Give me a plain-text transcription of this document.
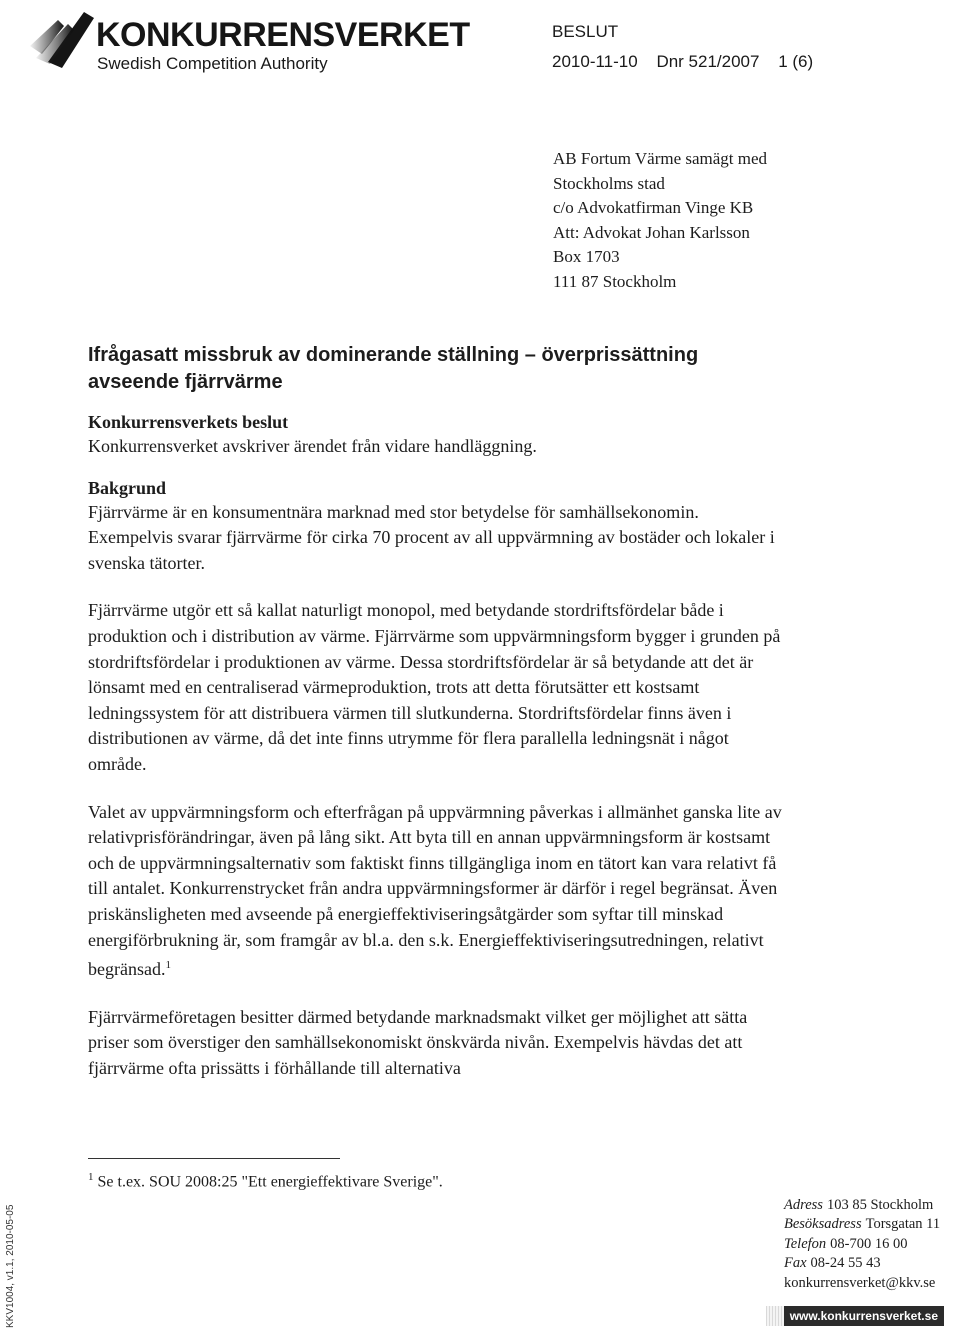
KONKURRENSVERKET
Swedish Competition Authority
BESLUT
2010-11-10 Dnr 521/2007 1 (6)
AB Fortum Värme samägt med
Stockholms stad
c/o Advokatfirman Vinge KB
Att: Advokat Johan Karlsson
Box 1703
111 87 Stockholm
Ifrågasatt missbruk av dominerande ställning – överprissättning avseende fjärrvärme
Konkurrensverkets beslut

Konkurrensverket avskriver ärendet från vidare handläggning.

Bakgrund

Fjärrvärme är en konsumentnära marknad med stor betydelse för samhällsekonomin. Exempelvis svarar fjärrvärme för cirka 70 procent av all uppvärmning av bostäder och lokaler i svenska tätorter.

Fjärrvärme utgör ett så kallat naturligt monopol, med betydande stordriftsfördelar både i produktion och i distribution av värme. Fjärrvärme som uppvärmningsform bygger i grunden på stordriftsfördelar i produktionen av värme. Dessa stordriftsfördelar är så betydande att det är lönsamt med en centraliserad värmeproduktion, trots att detta förutsätter ett kostsamt ledningssystem för att distribuera värmen till slutkunderna. Stordriftsfördelar finns även i distributionen av värme, då det inte finns utrymme för flera parallella ledningsnät i något område.

Valet av uppvärmningsform och efterfrågan på uppvärmning påverkas i allmänhet ganska lite av relativprisförändringar, även på lång sikt. Att byta till en annan uppvärmningsform är kostsamt och de uppvärmningsalternativ som faktiskt finns tillgängliga inom en tätort kan vara relativt få till antalet. Konkurrenstrycket från andra uppvärmningsformer är därför i regel begränsat. Även priskänsligheten med avseende på energieffektiviseringsåtgärder som syftar till minskad energiförbrukning är, som framgår av bl.a. den s.k. Energieffektiviseringsutredningen, relativt begränsad.$^1$

Fjärrvärmeföretagen besitter därmed betydande marknadsmakt vilket ger möjlighet att sätta priser som överstiger den samhällsekonomiskt önskvärda nivån. Exempelvis hävdas det att fjärrvärme ofta prissätts i förhållande till alternativa

$^1$ Se t.ex. SOU 2008:25 "Ett energieffektivare Sverige".
KKV1004, v1.1, 2010-05-05	Adress 103 85 Stockholm
Besöksadress Torsgatan 11
Telefon 08-700 16 00
Fax 08-24 55 43
konkurrensverket@kkv.se
www.konkurrensverket.se
